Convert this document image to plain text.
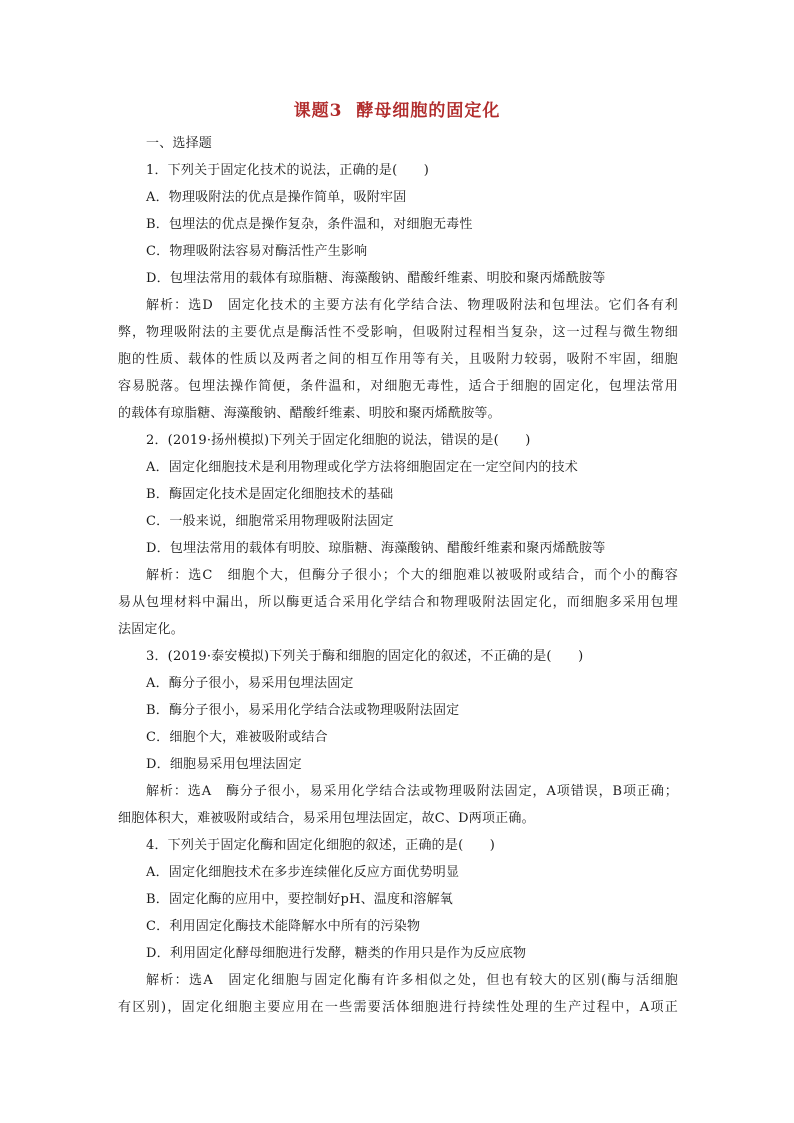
课题3 酵母细胞的固定化
一、选择题
1．下列关于固定化技术的说法，正确的是(　　)
A．物理吸附法的优点是操作简单，吸附牢固
B．包埋法的优点是操作复杂，条件温和，对细胞无毒性
C．物理吸附法容易对酶活性产生影响
D．包埋法常用的载体有琼脂糖、海藻酸钠、醋酸纤维素、明胶和聚丙烯酰胺等
解析：选D　固定化技术的主要方法有化学结合法、物理吸附法和包埋法。它们各有利
弊，物理吸附法的主要优点是酶活性不受影响，但吸附过程相当复杂，这一过程与微生物细
胞的性质、载体的性质以及两者之间的相互作用等有关，且吸附力较弱，吸附不牢固，细胞
容易脱落。包埋法操作简便，条件温和，对细胞无毒性，适合于细胞的固定化，包埋法常用
的载体有琼脂糖、海藻酸钠、醋酸纤维素、明胶和聚丙烯酰胺等。
2．(2019·扬州模拟)下列关于固定化细胞的说法，错误的是(　　)
A．固定化细胞技术是利用物理或化学方法将细胞固定在一定空间内的技术
B．酶固定化技术是固定化细胞技术的基础
C．一般来说，细胞常采用物理吸附法固定
D．包埋法常用的载体有明胶、琼脂糖、海藻酸钠、醋酸纤维素和聚丙烯酰胺等
解析：选C　细胞个大，但酶分子很小；个大的细胞难以被吸附或结合，而个小的酶容
易从包埋材料中漏出，所以酶更适合采用化学结合和物理吸附法固定化，而细胞多采用包埋
法固定化。
3．(2019·泰安模拟)下列关于酶和细胞的固定化的叙述，不正确的是(　　)
A．酶分子很小，易采用包埋法固定
B．酶分子很小，易采用化学结合法或物理吸附法固定
C．细胞个大，难被吸附或结合
D．细胞易采用包埋法固定
解析：选A　酶分子很小，易采用化学结合法或物理吸附法固定，A项错误，B项正确；
细胞体积大，难被吸附或结合，易采用包埋法固定，故C、D两项正确。
4．下列关于固定化酶和固定化细胞的叙述，正确的是(　　)
A．固定化细胞技术在多步连续催化反应方面优势明显
B．固定化酶的应用中，要控制好pH、温度和溶解氧
C．利用固定化酶技术能降解水中所有的污染物
D．利用固定化酵母细胞进行发酵，糖类的作用只是作为反应底物
解析：选A　固定化细胞与固定化酶有许多相似之处，但也有较大的区别(酶与活细胞
有区别)，固定化细胞主要应用在一些需要活体细胞进行持续性处理的生产过程中，A项正
